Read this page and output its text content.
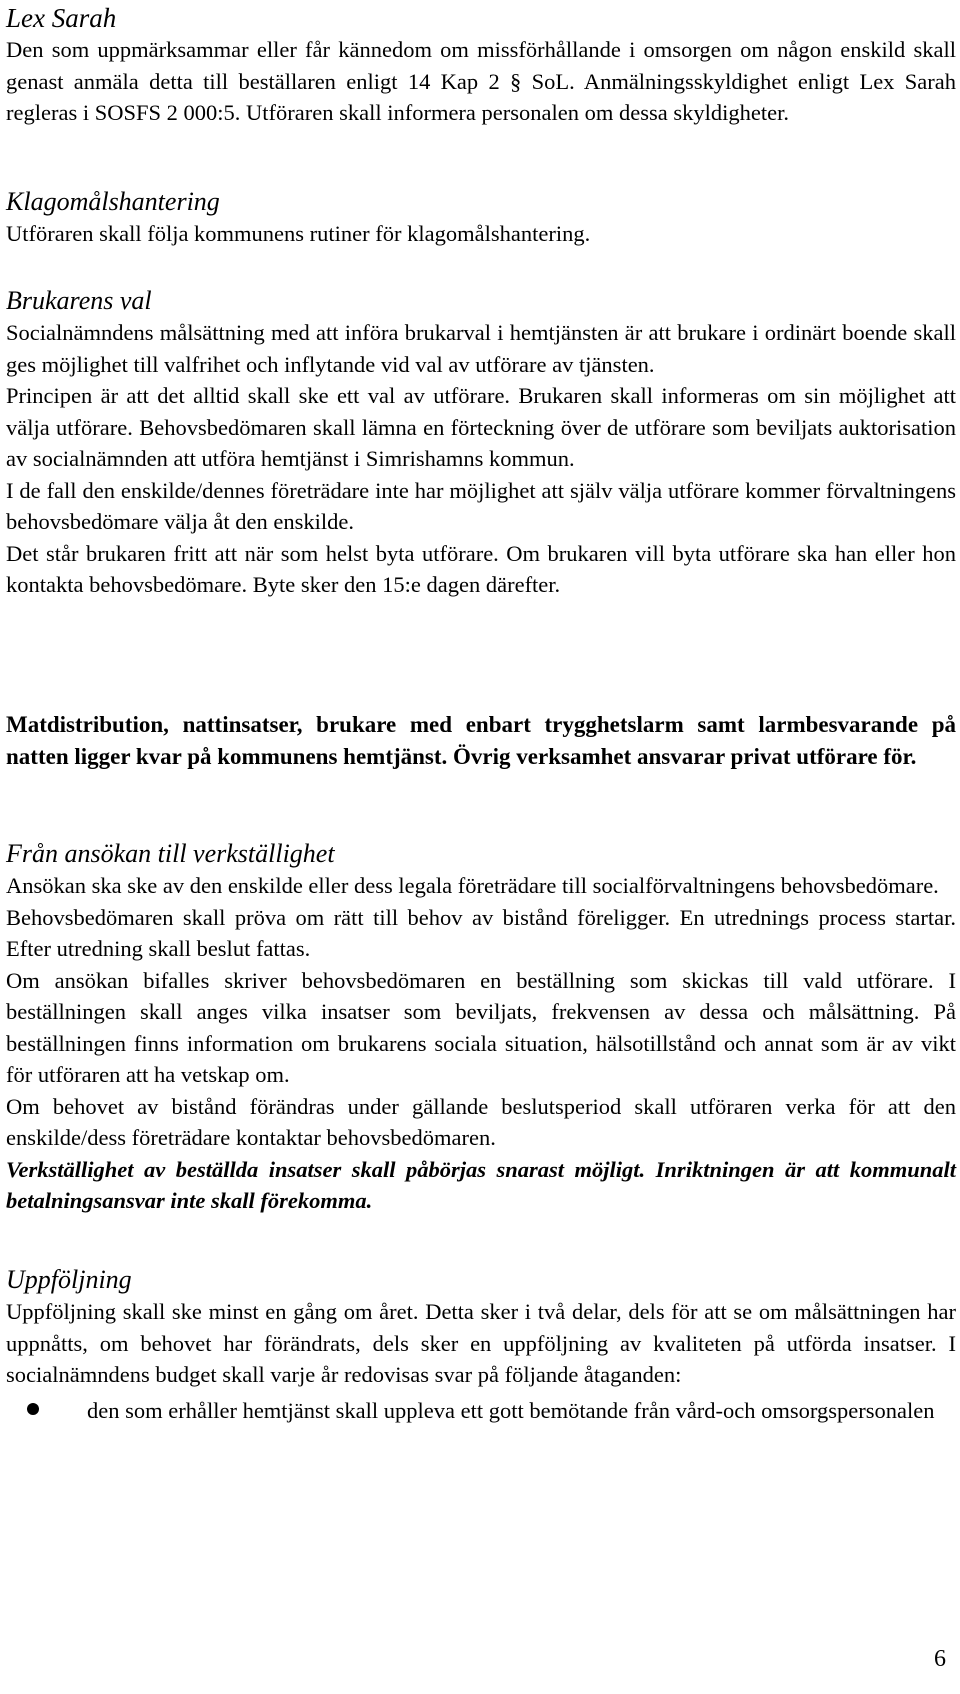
Lex Sarah

Den som uppmärksammar eller får kännedom om missförhållande i omsorgen om någon enskild skall genast anmäla detta till beställaren enligt 14 Kap 2 § SoL. Anmälningsskyldighet enligt Lex Sarah regleras i SOSFS 2 000:5. Utföraren skall informera personalen om dessa skyldigheter.

Klagomålshantering

Utföraren skall följa kommunens rutiner för klagomålshantering.

Brukarens val

Socialnämndens målsättning med att införa brukarval i hemtjänsten är att brukare i ordinärt boende skall ges möjlighet till valfrihet och inflytande vid val av utförare av tjänsten.

Principen är att det alltid skall ske ett val av utförare. Brukaren skall informeras om sin möjlighet att välja utförare. Behovsbedömaren skall lämna en förteckning över de utförare som beviljats auktorisation av socialnämnden att utföra hemtjänst i Simrishamns kommun.

I de fall den enskilde/dennes företrädare inte har möjlighet att själv välja utförare kommer förvaltningens behovsbedömare välja åt den enskilde.

Det står brukaren fritt att när som helst byta utförare. Om brukaren vill byta utförare ska han eller hon kontakta behovsbedömare. Byte sker den 15:e dagen därefter.

Matdistribution, nattinsatser, brukare med enbart trygghetslarm samt larmbesvarande på natten ligger kvar på kommunens hemtjänst. Övrig verksamhet ansvarar privat utförare för.

Från ansökan till verkställighet

Ansökan ska ske av den enskilde eller dess legala företrädare till socialförvaltningens behovsbedömare.

Behovsbedömaren skall pröva om rätt till behov av bistånd föreligger. En utrednings process startar. Efter utredning skall beslut fattas.

Om ansökan bifalles skriver behovsbedömaren en beställning som skickas till vald utförare. I beställningen skall anges vilka insatser som beviljats, frekvensen av dessa och målsättning. På beställningen finns information om brukarens sociala situation, hälsotillstånd och annat som är av vikt för utföraren att ha vetskap om.

Om behovet av bistånd förändras under gällande beslutsperiod skall utföraren verka för att den enskilde/dess företrädare kontaktar behovsbedömaren.

Verkställighet av beställda insatser skall påbörjas snarast möjligt. Inriktningen är att kommunalt betalningsansvar inte skall förekomma.

Uppföljning

Uppföljning skall ske minst en gång om året. Detta sker i två delar, dels för att se om målsättningen har uppnåtts, om behovet har förändrats, dels sker en uppföljning av kvaliteten på utförda insatser. I socialnämndens budget skall varje år redovisas svar på följande åtaganden:

den som erhåller hemtjänst skall uppleva ett gott bemötande från vård-och omsorgspersonalen
6
